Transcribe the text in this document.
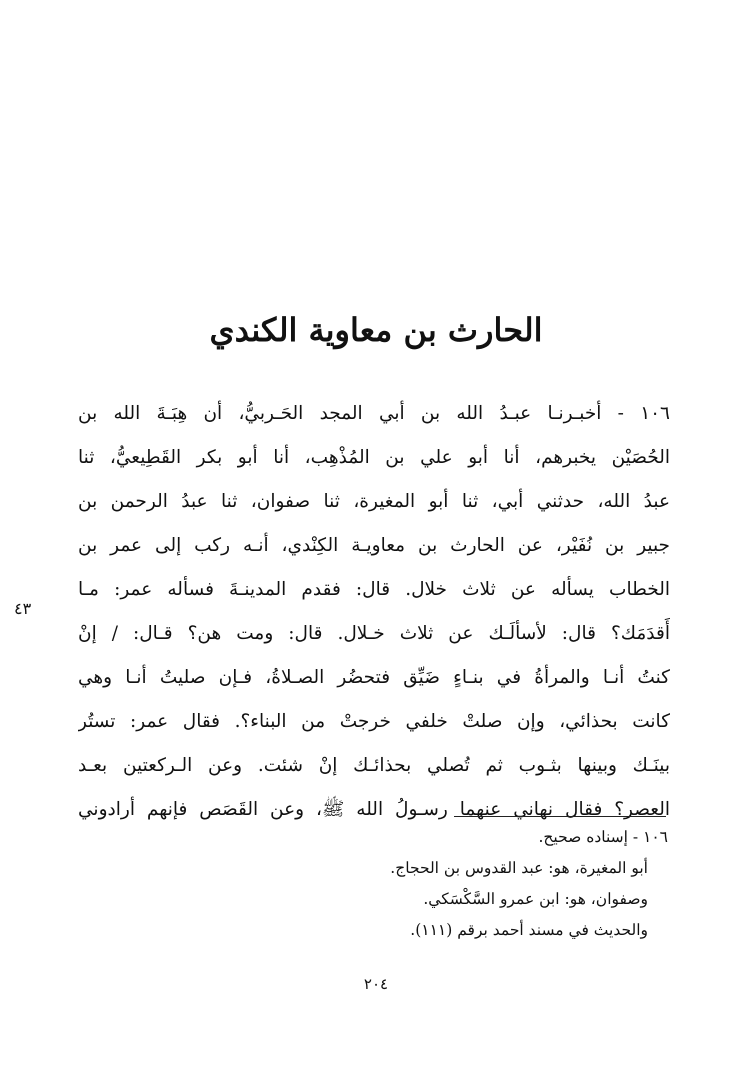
الحارث بن معاوية الكندي
١٠٦ - أخبـرنـا عبـدُ الله بن أبي المجد الحَـربيُّ، أن هِبَـةَ الله بن
الحُصَيْن يخبرهم، أنا أبو علي بن المُذْهِب، أنا أبو بكر القَطِيعيُّ، ثنا
عبدُ الله، حدثني أبي، ثنا أبو المغيرة، ثنا صفوان، ثنا عبدُ الرحمن بن
جبير بن نُفَيْر، عن الحارث بن معاويـة الكِنْدي، أنـه ركب إلى عمر بن
الخطاب يسأله عن ثلاث خلال. قال: فقدم المدينـةَ فسأله عمر: مـا
أَقدَمَك؟ قال: لأسألَـك عن ثلاث خـلال. قال: ومت هن؟ قـال: / إنْ
كنتُ أنـا والمرأةُ في بنـاءٍ ضَيِّق فتحضُر الصـلاةُ، فـإن صليتُ أنـا وهي
كانت بحذائي، وإن صلتْ خلفي خرجتْ من البناء؟. فقال عمر: تستُر
بينَـك وبينها بثـوب ثم تُصلي بحذائـك إنْ شئت. وعن الـركعتين بعـد
العصر؟ فقال نهاني عنهما رسـولُ الله ﷺ، وعن القَصَص فإنهم أرادوني
٤٣
١٠٦ - إسناده صحيح.
أبو المغيرة، هو: عبد القدوس بن الحجاج.
وصفوان، هو: ابن عمرو السَّكْسَكي.
والحديث في مسند أحمد برقم (١١١).
٢٠٤
